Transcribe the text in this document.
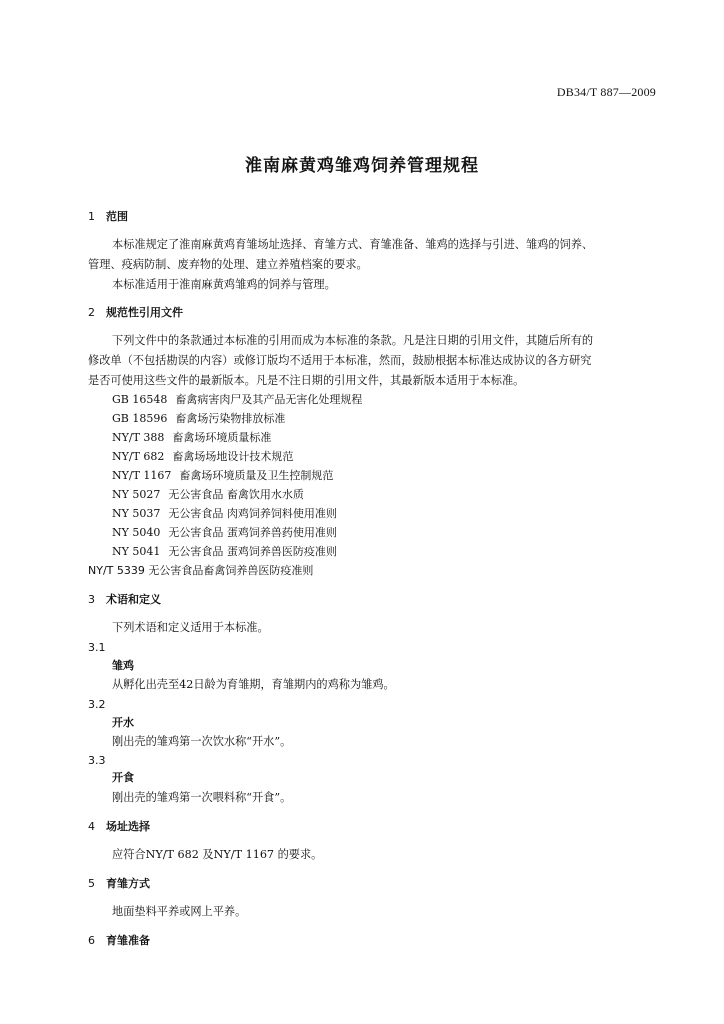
DB34/T 887—2009
淮南麻黄鸡雏鸡饲养管理规程
1 范围
本标准规定了淮南麻黄鸡育雏场址选择、育雏方式、育雏准备、雏鸡的选择与引进、雏鸡的饲养、
管理、疫病防制、废弃物的处理、建立养殖档案的要求。
本标准适用于淮南麻黄鸡雏鸡的饲养与管理。
2 规范性引用文件
下列文件中的条款通过本标准的引用而成为本标准的条款。凡是注日期的引用文件，其随后所有的
修改单（不包括勘误的内容）或修订版均不适用于本标准，然而，鼓励根据本标准达成协议的各方研究
是否可使用这些文件的最新版本。凡是不注日期的引用文件，其最新版本适用于本标准。
GB 16548 畜禽病害肉尸及其产品无害化处理规程
GB 18596 畜禽场污染物排放标准
NY/T 388 畜禽场环境质量标准
NY/T 682 畜禽场场地设计技术规范
NY/T 1167 畜禽场环境质量及卫生控制规范
NY 5027 无公害食品 畜禽饮用水水质
NY 5037 无公害食品 肉鸡饲养饲料使用准则
NY 5040 无公害食品 蛋鸡饲养兽药使用准则
NY 5041 无公害食品 蛋鸡饲养兽医防疫准则
NY/T 5339 无公害食品畜禽饲养兽医防疫准则
3 术语和定义
下列术语和定义适用于本标准。
3.1
雏鸡
从孵化出壳至42日龄为育雏期，育雏期内的鸡称为雏鸡。
3.2
开水
刚出壳的雏鸡第一次饮水称“开水”。
3.3
开食
刚出壳的雏鸡第一次喂料称“开食”。
4 场址选择
应符合NY/T 682 及NY/T 1167 的要求。
5 育雏方式
地面垫料平养或网上平养。
6 育雏准备
